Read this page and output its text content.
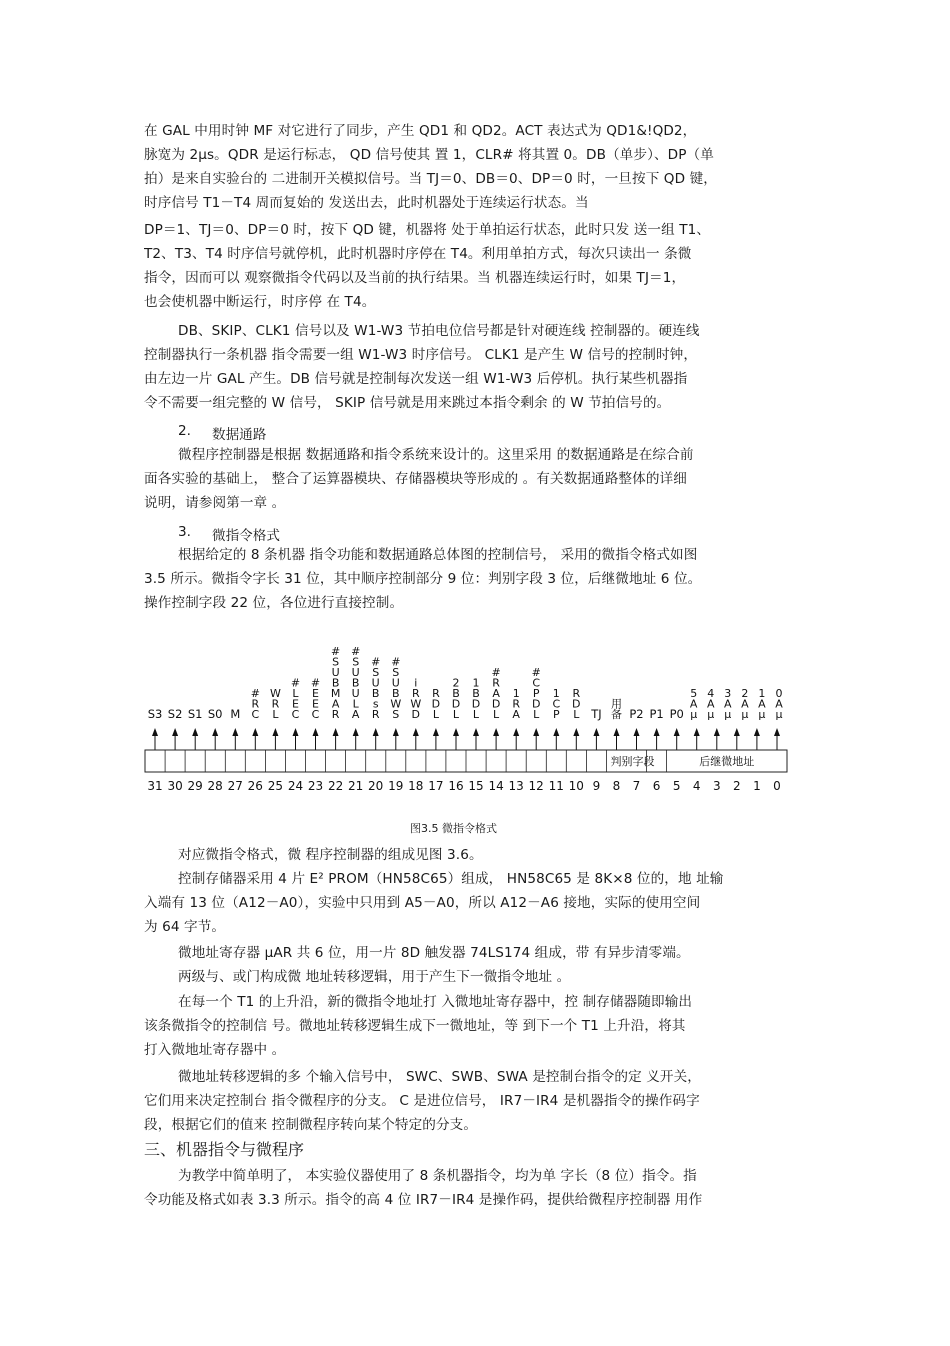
在 GAL 中用时钟 MF 对它进行了同步，产生 QD1 和 QD2。ACT 表达式为 QD1&!QD2，
脉宽为 2μs。QDR 是运行标志， QD 信号使其 置 1，CLR# 将其置 0。DB（单步）、DP（单
拍）是来自实验台的 二进制开关模拟信号。当 TJ＝0、DB＝0、DP＝0 时，一旦按下 QD 键，
时序信号 T1－T4 周而复始的 发送出去，此时机器处于连续运行状态。当
DP＝1、TJ＝0、DP＝0 时，按下 QD 键，机器将 处于单拍运行状态，此时只发 送一组 T1、
T2、T3、T4 时序信号就停机，此时机器时序停在 T4。利用单拍方式，每次只读出一 条微
指令，因而可以 观察微指令代码以及当前的执行结果。当 机器连续运行时，如果 TJ＝1，
也会使机器中断运行，时序停 在 T4。
DB、SKIP、CLK1 信号以及 W1-W3 节拍电位信号都是针对硬连线 控制器的。硬连线
控制器执行一条机器 指令需要一组 W1-W3 时序信号。 CLK1 是产生 W 信号的控制时钟，
由左边一片 GAL 产生。DB 信号就是控制每次发送一组 W1-W3 后停机。执行某些机器指
令不需要一组完整的 W 信号， SKIP 信号就是用来跳过本指令剩余 的 W 节拍信号的。
2. 数据通路
微程序控制器是根据 数据通路和指令系统来设计的。这里采用 的数据通路是在综合前
面各实验的基础上， 整合了运算器模块、存储器模块等形成的 。有关数据通路整体的详细
说明，请参阅第一章 。
3. 微指令格式
根据给定的 8 条机器 指令功能和数据通路总体图的控制信号， 采用的微指令格式如图
3.5 所示。微指令字长 31 位，其中顺序控制部分 9 位：判别字段 3 位，后继微地址 6 位。
操作控制字段 22 位，各位进行直接控制。
S3 S2 S1 S0 M
# R C
W R L
# L E C
# E E C
# S U B M A R
# S U B U L A
# S U B s R
# S U B W S
i R W D
R D L
2 B D L
1 B D L
# R A D L
1 R A
# C P D L
1 C P
R D L TJ
用备 P2 P1 P0
5 A μ
4 A μ
3 A μ
2 A μ
1 A μ
0 A μ
判别字段	后继微地址
31 30 29 28 27 26 25 24 23 22 21 20 19 18 17 16 15 14 13 12 11 10 9 8 7 6 5 4 3 2 1 0
图3.5 微指令格式
对应微指令格式，微 程序控制器的组成见图 3.6。
控制存储器采用 4 片 E² PROM（HN58C65）组成， HN58C65 是 8K×8 位的，地 址输
入端有 13 位（A12－A0），实验中只用到 A5－A0，所以 A12－A6 接地，实际的使用空间
为 64 字节。
微地址寄存器 μAR 共 6 位，用一片 8D 触发器 74LS174 组成，带 有异步清零端。
两级与、或门构成微 地址转移逻辑，用于产生下一微指令地址 。
在每一个 T1 的上升沿，新的微指令地址打 入微地址寄存器中，控 制存储器随即输出
该条微指令的控制信 号。微地址转移逻辑生成下一微地址，等 到下一个 T1 上升沿，将其
打入微地址寄存器中 。
微地址转移逻辑的多 个输入信号中， SWC、SWB、SWA 是控制台指令的定 义开关，
它们用来决定控制台 指令微程序的分支。 C 是进位信号， IR7－IR4 是机器指令的操作码字
段，根据它们的值来 控制微程序转向某个特定的分支。
三、机器指令与微程序
为教学中简单明了， 本实验仪器使用了 8 条机器指令，均为单 字长（8 位）指令。指
令功能及格式如表 3.3 所示。指令的高 4 位 IR7－IR4 是操作码，提供给微程序控制器 用作
